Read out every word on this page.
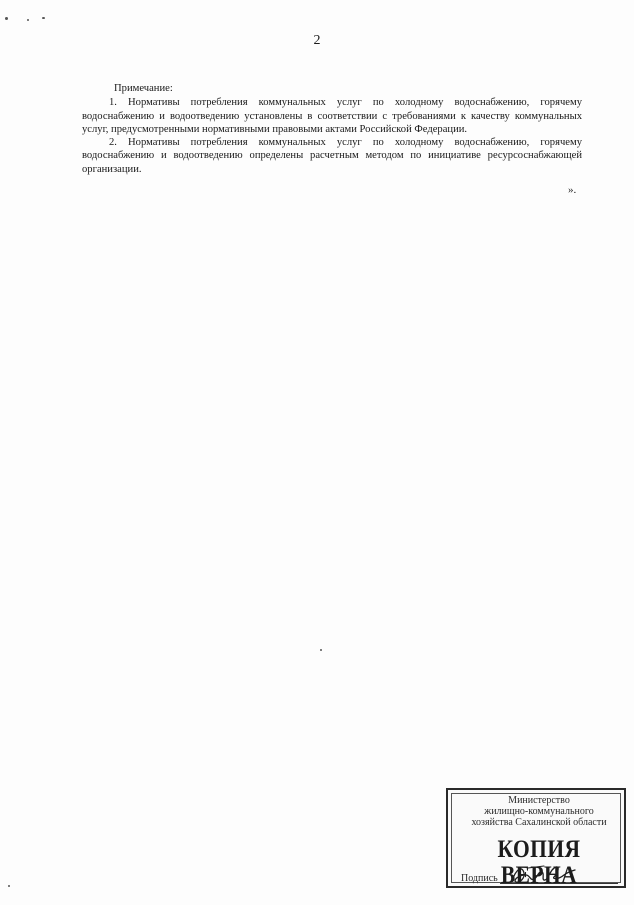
2
Примечание:

1. Нормативы потребления коммунальных услуг по холодному водоснабжению, горячему водоснабжению и водоотведению установлены в соответствии с требованиями к качеству коммунальных услуг, предусмотренными нормативными правовыми актами Российской Федерации.

2. Нормативы потребления коммунальных услуг по холодному водоснабжению, горячему водоснабжению и водоотведению определены расчетным методом по инициативе ресурсоснабжающей организации.

».
Министерство
жилищно-коммунального
хозяйства Сахалинской области
КОПИЯ ВЕРНА
Подпись
